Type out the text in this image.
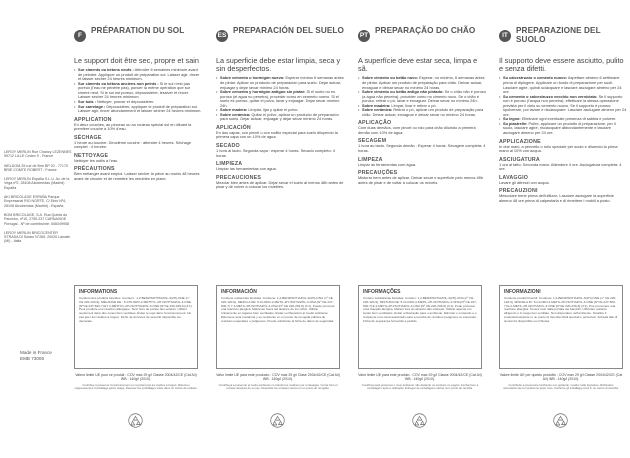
LEROY MERLIN Rue Chanzy LEZENNES 59712 LILLE Cedex 9 - France
WELDOM-25 rue de Brie BP 20 - 77170 BRIE COMTE ROBERT - France
LEROY MERLIN España S.L.U. Av. de la Vega nº2, 28108 Alcobendas (Madrid) España
AKI BRICOLAGE ESPAÑA Parque Empresarial RIO NORTE, C/ Ebro Nº4, 28108 Alcobendas (Madrid) - España
BOM BRICOLAGE, S.A. Rua Quinta do Paizinho, nº10, 2790-237 CARNAXIDE Portugal - Nº de contribuinte: 506049958
LEROY MERLIN BRICOCENTER STRADA Dl Solaro N°265, 20020 Lainate (MI) - Italia
Made in France
EMB 73006
F
PRÉPARATION DU SOL

Le support doit être sec, propre et sain

• Sur ciments ou bétons neufs : Attendre 6 semaines minimum avant de peindre. Appliquer un produit de préparation sol. Laisser agir, rincer et laisser sécher 24 heures minimum.
• Sur ciments ou bétons anciens non peints : Si le sol n'est pas poreux (l'eau ne pénètre pas), poncer la même opération que sur ciment neuf. Si le sol est poreux, dépoussiérer, lessiver et rincer. Laisser sécher 24 heures minimum.
• Sur bois : Nettoyer, poncer et dépoussiérer.
• Sur carrelage : Dépoussiérer, appliquer le produit de préparation sol. Laisser agir, rincer abondamment et laisser sécher 24 heures minimum.
APPLICATION
En deux couches, au pinceau ou au rouleau spécial sol en diluant la première couche à 10% d'eau.
SÉCHAGE
1 heure au toucher. Deuxième couche : attendre 4 heures. Séchage complet : 4 heures.
NETTOYAGE
Nettoyer les outils à l'eau.
PRÉCAUTIONS
Bien mélanger avant emploi. Laisser sécher la pièce au moins 48 heures avant de circuler et de remettre les meubles en place.
INFORMATIONS

Contient des produits biocides. Contient : 1,2-BENZISOTHIAZOL-3(2H)-ONE (n° CE 220-120-9), MÉLANGE DE : 5-CHLORO-2-MÉTHYL-2H-ISOTHIAZOL-3-ONE [N°CE 247-500-7] ET 2-MÉTHYL-2H-ISOTHIAZOL-3-ONE [N°CE 220-239-6] (3:1). Peut produire une réaction allergique. Tenir hors de portée des enfants. Utiliser seulement dans des zones bien ventilées. Éviter le rejet dans l'environnement. Ne pas jeter les résidus à l'égout. Fiche de données de sécurité disponible sur demande.

Valeur limite UE pour ce produit : COV max 29 g/l Classe 2004/42/CE (Cat A/i) WB : 140g/l (2010).
Contribue à préserver l'environnement en recyclant pas les résidus à l'égout. Refermer soigneusement l'emballage après usage. Déposer les emballages vides dans un centre de collecte.
ES
PREPARACIÓN DEL SUELO

La superficie debe estar limpia, seca y sin desperfectos.

• Sobre cemento u hormigón nuevo: Esperar mínimo 6 semanas antes de pintar. Aplicar un producto de preparación para suelo. Dejar actuar, enjuagar y dejar secar mínimo 24 horas.
• Sobre cemento y hormigón antiguo sin pintar: Si el suelo no es poroso (el agua no penetra), proceder como en cemento nuevo. Si el suelo es poroso, quitar el polvo, lavar y enjuagar. Dejar secar mínimo 24h.
• Sobre madera: Limpiar, lijar y quitar el polvo.
• Sobre cerámica: Quitar el polvo, aplicar un producto de preparación para suelo. Dejar actuar, enjuagar y dejar secar mínimo 24 horas.
APLICACIÓN
En dos capas, con pincel o con rodillo especial para suelo diluyendo la primera capa con un 10% de agua.
SECADO
1 hora al tacto. Segunda capa : esperar 4 horas. Secado completo: 4 horas.
LIMPIEZA
Limpiar las herramientas con agua.
PRECAUCIONES
Mezclar bien antes de aplicar. Dejar secar el suelo al menos 48h antes de pisar y de volver a colocar los muebles.
INFORMACIÓN

Contiene sustancias biocidas. Contiene: 1,2-BENZISOTIAZOL-3(2H)-ONA (nº CE 220-120-9), MEZCLA DE: 5-CLORO-2-METIL-2H-ISOTIAZOL-3-ONA [Nº CE 247-500-7] Y 2-METIL-2H-ISOTIAZOL-3-ONA [Nº CE 220-239-6] (3:1). Puede provocar una reacción alérgica. Mantener fuera del alcance de los niños. Utilizar únicamente en lugares bien ventilados. Evitar su liberación al medio ambiente. Elimínese esta sustancia y su recipiente en un punto de recogida pública de residuos especiales o peligrosos. Puede solicitarse la ficha de datos de seguridad.

Valor límite UE para este producto : COV max 29 g/l Clase 2004/42/CE (Cat A/i) WB : 140g/l (2010).
Contribuya a preservar el medio ambiente no tirando los residuos por el desagüe. Cerrar bien el envase después de su uso. Depositar los envases vacíos en un punto de recogida.
PT
PREPARAÇÃO DO CHÃO

A superfície deve estar seca, limpa e sã.

• Sobre cimento ou betão novo: Esperar, no mínimo, 6 semanas antes de pintar. Aplicar um produto de preparação para chão. Deixar actuar, enxaguar e deixar secar no mínimo 24 horas.
• Sobre cimento ou betão antigo não pintado: Se o chão não é poroso (a água não penetra), proceder como no cimento novo. Se o chão é poroso, retirar o pó, lavar e enxaguar. Deixar secar no mínimo 24h.
• Sobre madeira: Limpar, lixar e retirar o pó.
• Sobre cerâmica: Retirar o pó, aplicar um produto de preparação para chão. Deixar actuar, enxaguar e deixar secar no mínimo 24 horas.
APLICAÇÃO
Com duas demãos, com pincel ou rolo para chão diluindo a primeira demão com 10% de água.
SECAGEM
1 hora ao tacto. Segunda demão : Esperar 4 horas. Secagem completa: 4 horas.
LIMPEZA
Limpar as ferramentas com água.
PRECAUÇÕES
Misturar bem antes de aplicar. Deixar secar o superfície pelo menos 48h antes de pisar e de voltar a colocar os móveis.
INFORMAÇÕES

Contém substâncias biocidas. Contém: 1,2-BENZISOTIAZOL-3(2H)-ONA (nº CE 220-120-9), MISTURA DE: 5-CLORO-2-METIL-2H-ISOTIAZOL-3-ONA [Nº CE 247-500-7] E 2-METIL-2H-ISOTIAZOL-3-ONA [Nº CE 220-239-6] (3:1). Pode provocar uma reacção alérgica. Manter fora do alcance das crianças. Utilizar apenas em locais bem ventilados. Evitar a libertação para o ambiente. Eliminar o conteúdo e o recipiente num local autorizado para a recolha de resíduos perigosos ou especiais. Ficha de segurança fornecida a pedido.

Valor limite UE para este produto : COV max 29 g/l Classe 2004/42/CE (Cat A/i) WB : 140g/l (2010).
Contribua para preservar o meio ambiente não deitando os resíduos no esgoto. Fechar bem a embalagem após a utilização. Entregar as embalagens vazias num ponto de recolha.
IT
PREPARAZIONE DEL SUOLO

Il supporto deve essere asciutto, pulito e senza difetti.

• Su calcestruzzo o cemento nuovo: Aspettare almeno 6 settimane prima di dipingere. Applicare un fondo di preparazione per suoli. Lasciare agire, quindi sciacquare e lasciare asciugare almeno per 24 ore.
• Su cemento o calcestruzzo vecchio non verniciato: Se il supporto non è poroso (l'acqua non penetra), effettuare la stessa operazione prevista per il cielo su cemento nuovo. Se il supporto è poroso: spolverare, poi lavare e risciacquare. Lasciare asciugare almeno per 24 ore.
• Su legno: Eliminare ogni eventuale presenza di sabbia e polvere.
• Su piastrelle: Pulire, applicare un prodotto di preparazione, per il suolo, lasciare agire, risciacquare abbondantemente e lasciare asciugare almeno per 24 ore.
APPLICAZIONE
In due mani, a pennello o rullo speciale per suolo e diluendo la prima mano al 10% con acqua.
ASCIUGATURA
1 ora al tatto. Seconda mano: Attendere 4 ore. Asciugatura completa: 4 ore.
LAVAGGIO
Lavare gli attrezzi con acqua.
PRECAUZIONI
Mescolare bene prima dell'utilizzo. Lasciare asciugare la superficie almeno 48 ore prima di calpestarla e di rimettere i mobili a posto.
INFORMAZIONI

Contiene prodotti biocidi. Contiene: 1,2-BENZISOTIAZOL-3(2H)-ONE (n° CE 220-120-9), MISCELA DI: 5-CLORO-2-METIL-2H-ISOTIAZOL-3-ONE [N°CE 247-500-7] E 2-METIL-2H-ISOTIAZOL-3-ONE [N°CE 220-239-6] (3:1). Può provocare una reazione allergica. Tenere fuori dalla portata dei bambini. Utilizzare soltanto all'aperto o in luogo ben ventilato. Non disperdere nell'ambiente. Smaltire il prodotto/recipiente in un punto di raccolta rifiuti speciali o pericolosi. Scheda dati di sicurezza disponibile su richiesta.

Valore limite UE per questo prodotto : COV max 29 g/l Classe 2004/42/CE (Cat A/i) WB : 140g/l (2010).
Contribuite a preservare l'ambiente non gettando i residui nelle fognature. Richiudere accuratamente la confezione dopo l'uso. Conferire gli imballaggi vuoti in un centro di raccolta.
